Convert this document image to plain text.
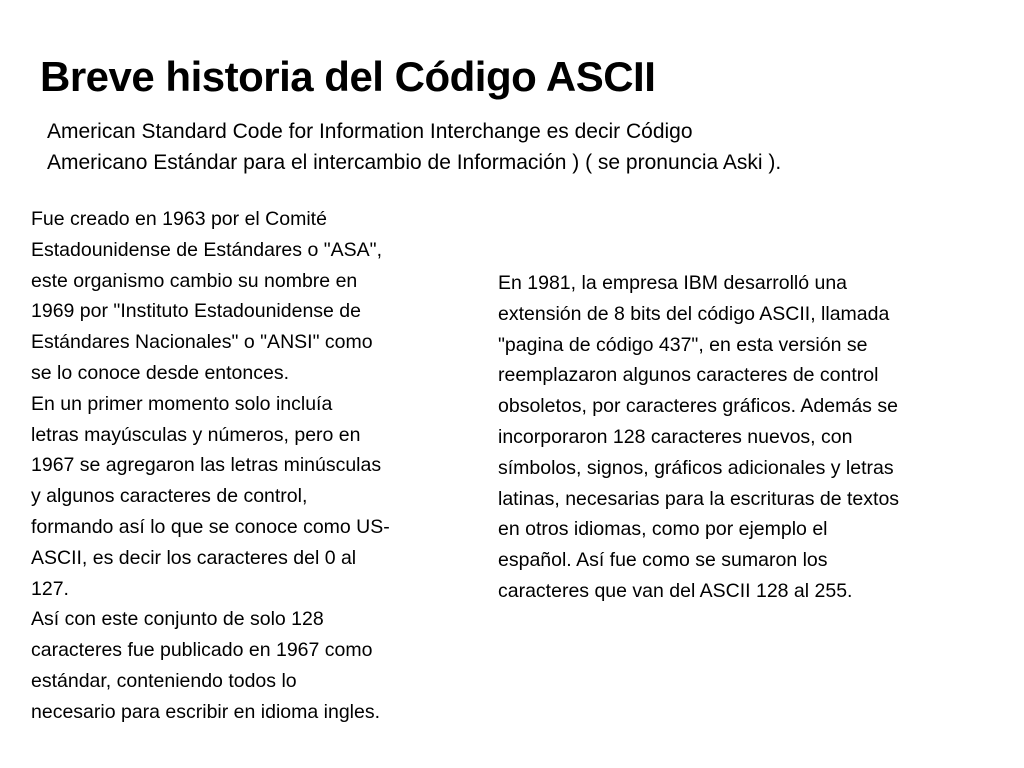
Breve historia del Código ASCII
American Standard Code for Information Interchange es decir Código
Americano Estándar para el intercambio de Información ) ( se pronuncia Aski ).
Fue creado en 1963 por el Comité
Estadounidense de Estándares o "ASA",
este organismo cambio su nombre en
1969 por "Instituto Estadounidense de
Estándares Nacionales" o "ANSI" como
se lo conoce desde entonces.
En un primer momento solo incluía
letras mayúsculas y números, pero en
1967 se agregaron las letras minúsculas
y algunos caracteres de control,
formando así lo que se conoce como US-
ASCII, es decir los caracteres del 0 al
127.
Así con este conjunto de solo 128
caracteres fue publicado en 1967 como
estándar, conteniendo todos lo
necesario para escribir en idioma ingles.
En 1981, la empresa IBM desarrolló una
extensión de 8 bits del código ASCII, llamada
"pagina de código 437", en esta versión se
reemplazaron algunos caracteres de control
obsoletos, por caracteres gráficos. Además se
incorporaron 128 caracteres nuevos, con
símbolos, signos, gráficos adicionales y letras
latinas, necesarias para la escrituras de textos
en otros idiomas, como por ejemplo el
español. Así fue como se sumaron los
caracteres que van del ASCII 128 al 255.
